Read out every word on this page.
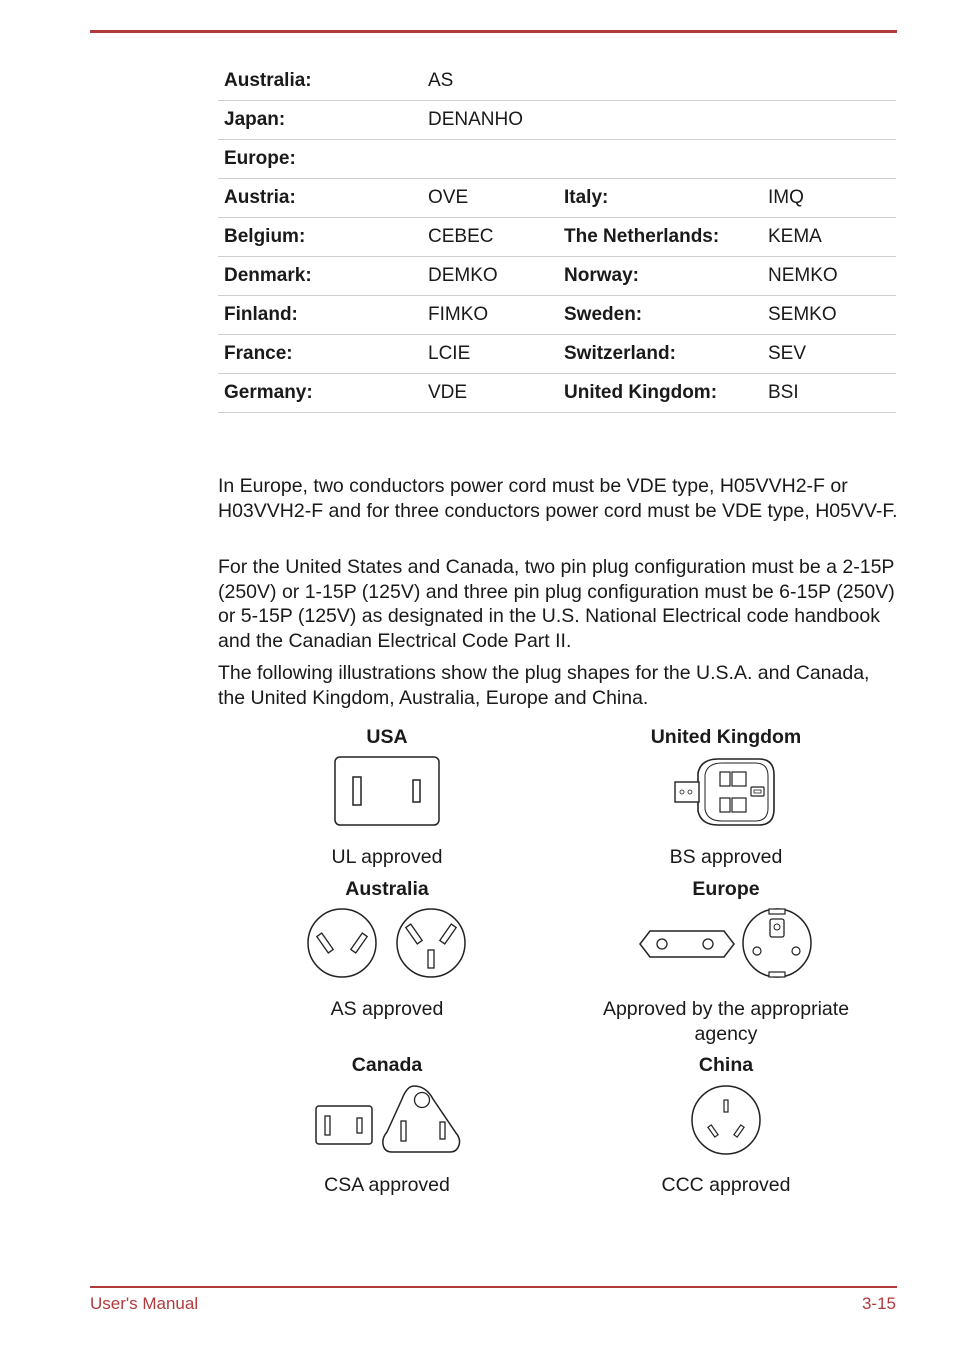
Australia:	AS		
Japan:	DENANHO		
Europe:			
Austria:	OVE	Italy:	IMQ
Belgium:	CEBEC	The Netherlands:	KEMA
Denmark:	DEMKO	Norway:	NEMKO
Finland:	FIMKO	Sweden:	SEMKO
France:	LCIE	Switzerland:	SEV
Germany:	VDE	United Kingdom:	BSI

In Europe, two conductors power cord must be VDE type, H05VVH2-F or H03VVH2-F and for three conductors power cord must be VDE type, H05VV-F.

For the United States and Canada, two pin plug configuration must be a 2-15P (250V) or 1-15P (125V) and three pin plug configuration must be 6-15P (250V) or 5-15P (125V) as designated in the U.S. National Electrical code handbook and the Canadian Electrical Code Part II.

The following illustrations show the plug shapes for the U.S.A. and Canada, the United Kingdom, Australia, Europe and China.

USA
UL approved
United Kingdom
BS approved
Australia
AS approved
Europe
Approved by the appropriate agency
Canada
CSA approved
China
CCC approved
User's Manual	3-15
